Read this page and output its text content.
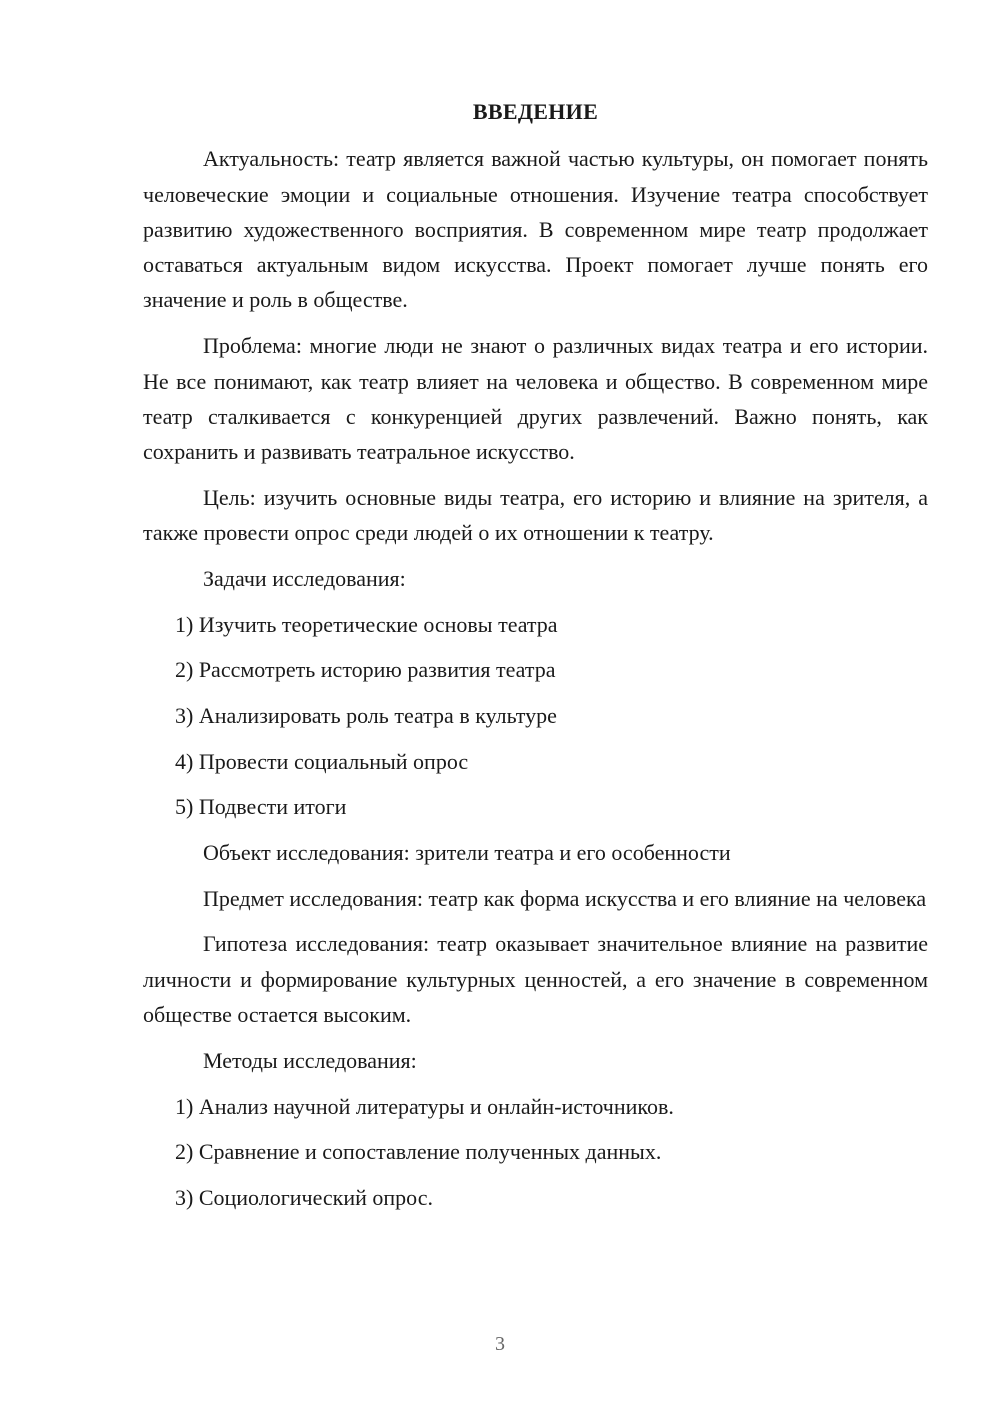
ВВЕДЕНИЕ

Актуальность: театр является важной частью культуры, он помогает понять человеческие эмоции и социальные отношения. Изучение театра способствует развитию художественного восприятия. В современном мире театр продолжает оставаться актуальным видом искусства. Проект помогает лучше понять его значение и роль в обществе.

Проблема: многие люди не знают о различных видах театра и его истории. Не все понимают, как театр влияет на человека и общество. В современном мире театр сталкивается с конкуренцией других развлечений. Важно понять, как сохранить и развивать театральное искусство.

Цель: изучить основные виды театра, его историю и влияние на зрителя, а также провести опрос среди людей о их отношении к театру.

Задачи исследования:
1) Изучить теоретические основы театра
2) Рассмотреть историю развития театра
3) Анализировать роль театра в культуре
4) Провести социальный опрос
5) Подвести итоги

Объект исследования: зрители театра и его особенности

Предмет исследования: театр как форма искусства и его влияние на человека

Гипотеза исследования: театр оказывает значительное влияние на развитие личности и формирование культурных ценностей, а его значение в современном обществе остается высоким.

Методы исследования:
1) Анализ научной литературы и онлайн-источников.
2) Сравнение и сопоставление полученных данных.
3) Социологический опрос.
3
